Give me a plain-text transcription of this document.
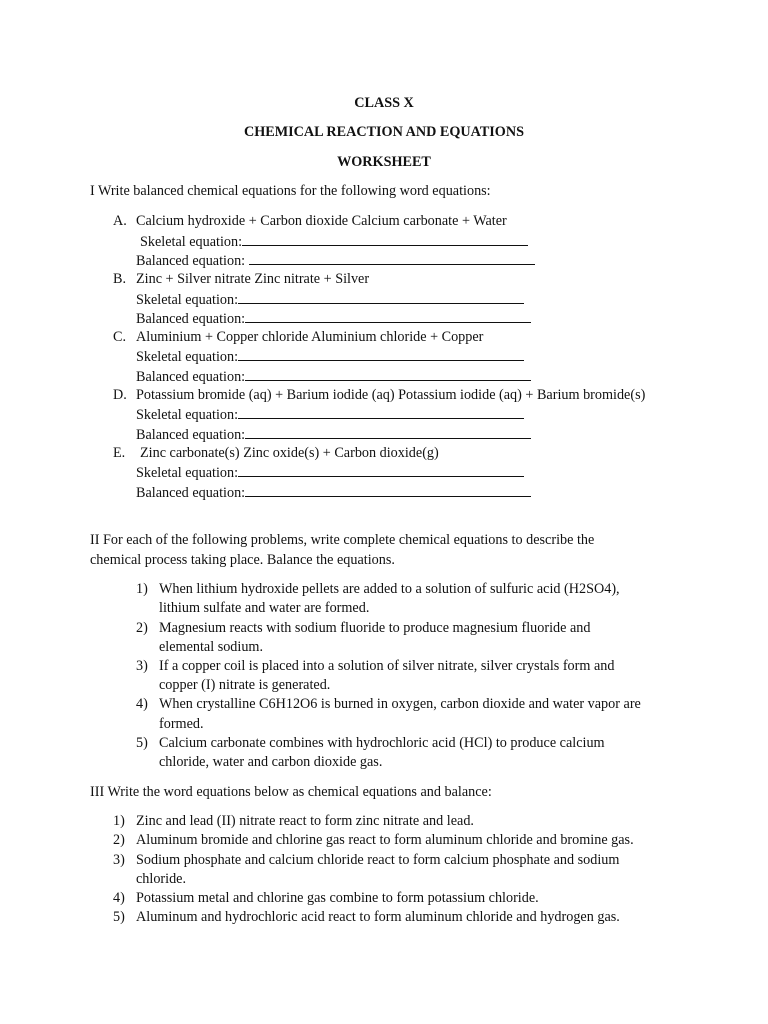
CLASS X
CHEMICAL REACTION AND EQUATIONS
WORKSHEET
I Write balanced chemical equations for the following word equations:
A. Calcium hydroxide + Carbon dioxide Calcium carbonate + Water
Skeletal equation:
Balanced equation:
B. Zinc + Silver nitrate Zinc nitrate + Silver
Skeletal equation:
Balanced equation:
C. Aluminium + Copper chloride Aluminium chloride + Copper
Skeletal equation:
Balanced equation:
D. Potassium bromide (aq) + Barium iodide (aq) Potassium iodide (aq) + Barium bromide(s)
Skeletal equation:
Balanced equation:
E. Zinc carbonate(s) Zinc oxide(s) + Carbon dioxide(g)
Skeletal equation:
Balanced equation:
II For each of the following problems, write complete chemical equations to describe the
chemical process taking place. Balance the equations.
1) When lithium hydroxide pellets are added to a solution of sulfuric acid (H2SO4),
lithium sulfate and water are formed.
2) Magnesium reacts with sodium fluoride to produce magnesium fluoride and
elemental sodium.
3) If a copper coil is placed into a solution of silver nitrate, silver crystals form and
copper (I) nitrate is generated.
4) When crystalline C6H12O6 is burned in oxygen, carbon dioxide and water vapor are
formed.
5) Calcium carbonate combines with hydrochloric acid (HCl) to produce calcium
chloride, water and carbon dioxide gas.
III Write the word equations below as chemical equations and balance:
1) Zinc and lead (II) nitrate react to form zinc nitrate and lead.
2) Aluminum bromide and chlorine gas react to form aluminum chloride and bromine gas.
3) Sodium phosphate and calcium chloride react to form calcium phosphate and sodium
chloride.
4) Potassium metal and chlorine gas combine to form potassium chloride.
5) Aluminum and hydrochloric acid react to form aluminum chloride and hydrogen gas.
